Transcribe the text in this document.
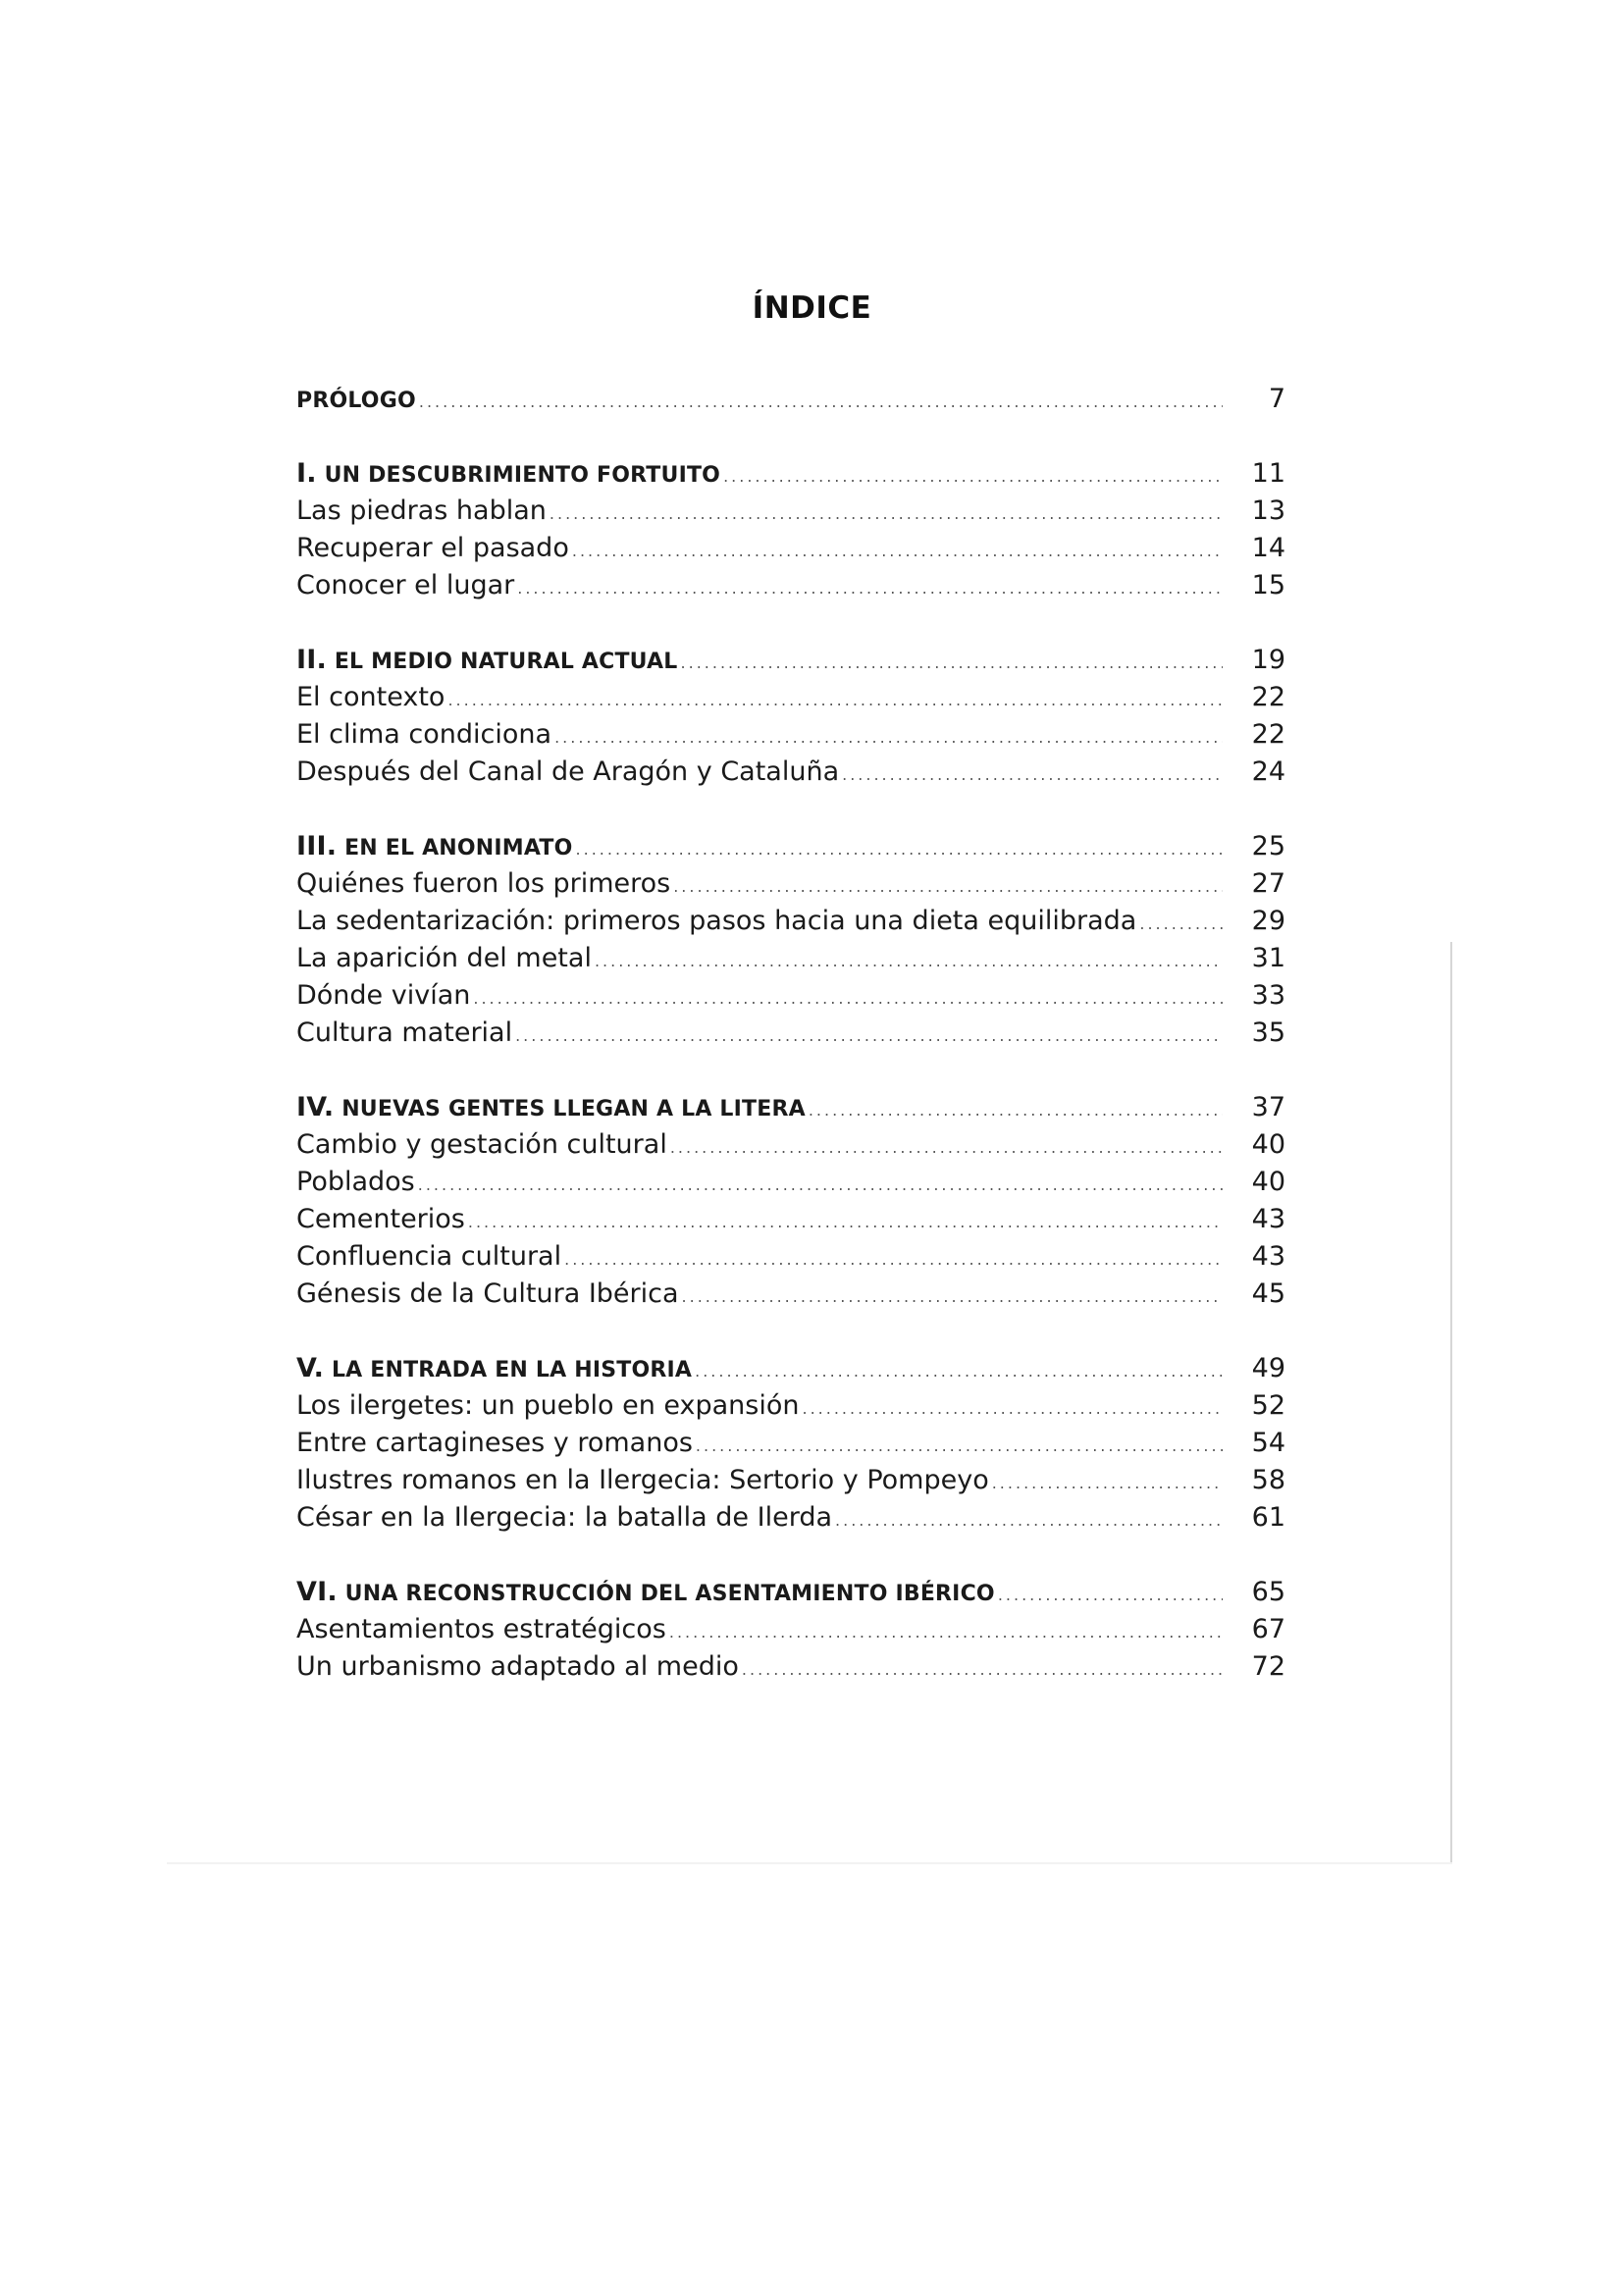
ÍNDICE
PRÓLOGO .....	7
I. UN DESCUBRIMIENTO FORTUITO .....	11
Las piedras hablan .....	13
Recuperar el pasado .....	14
Conocer el lugar .....	15
II. EL MEDIO NATURAL ACTUAL .....	19
El contexto .....	22
El clima condiciona .....	22
Después del Canal de Aragón y Cataluña .....	24
III. EN EL ANONIMATO .....	25
Quiénes fueron los primeros .....	27
La sedentarización: primeros pasos hacia una dieta equilibrada .....	29
La aparición del metal .....	31
Dónde vivían .....	33
Cultura material .....	35
IV. NUEVAS GENTES LLEGAN A LA LITERA .....	37
Cambio y gestación cultural .....	40
Poblados .....	40
Cementerios .....	43
Confluencia cultural .....	43
Génesis de la Cultura Ibérica .....	45
V. LA ENTRADA EN LA HISTORIA .....	49
Los ilergetes: un pueblo en expansión .....	52
Entre cartagineses y romanos .....	54
Ilustres romanos en la Ilergecia: Sertorio y Pompeyo .....	58
César en la Ilergecia: la batalla de Ilerda .....	61
VI. UNA RECONSTRUCCIÓN DEL ASENTAMIENTO IBÉRICO .....	65
Asentamientos estratégicos .....	67
Un urbanismo adaptado al medio .....	72
